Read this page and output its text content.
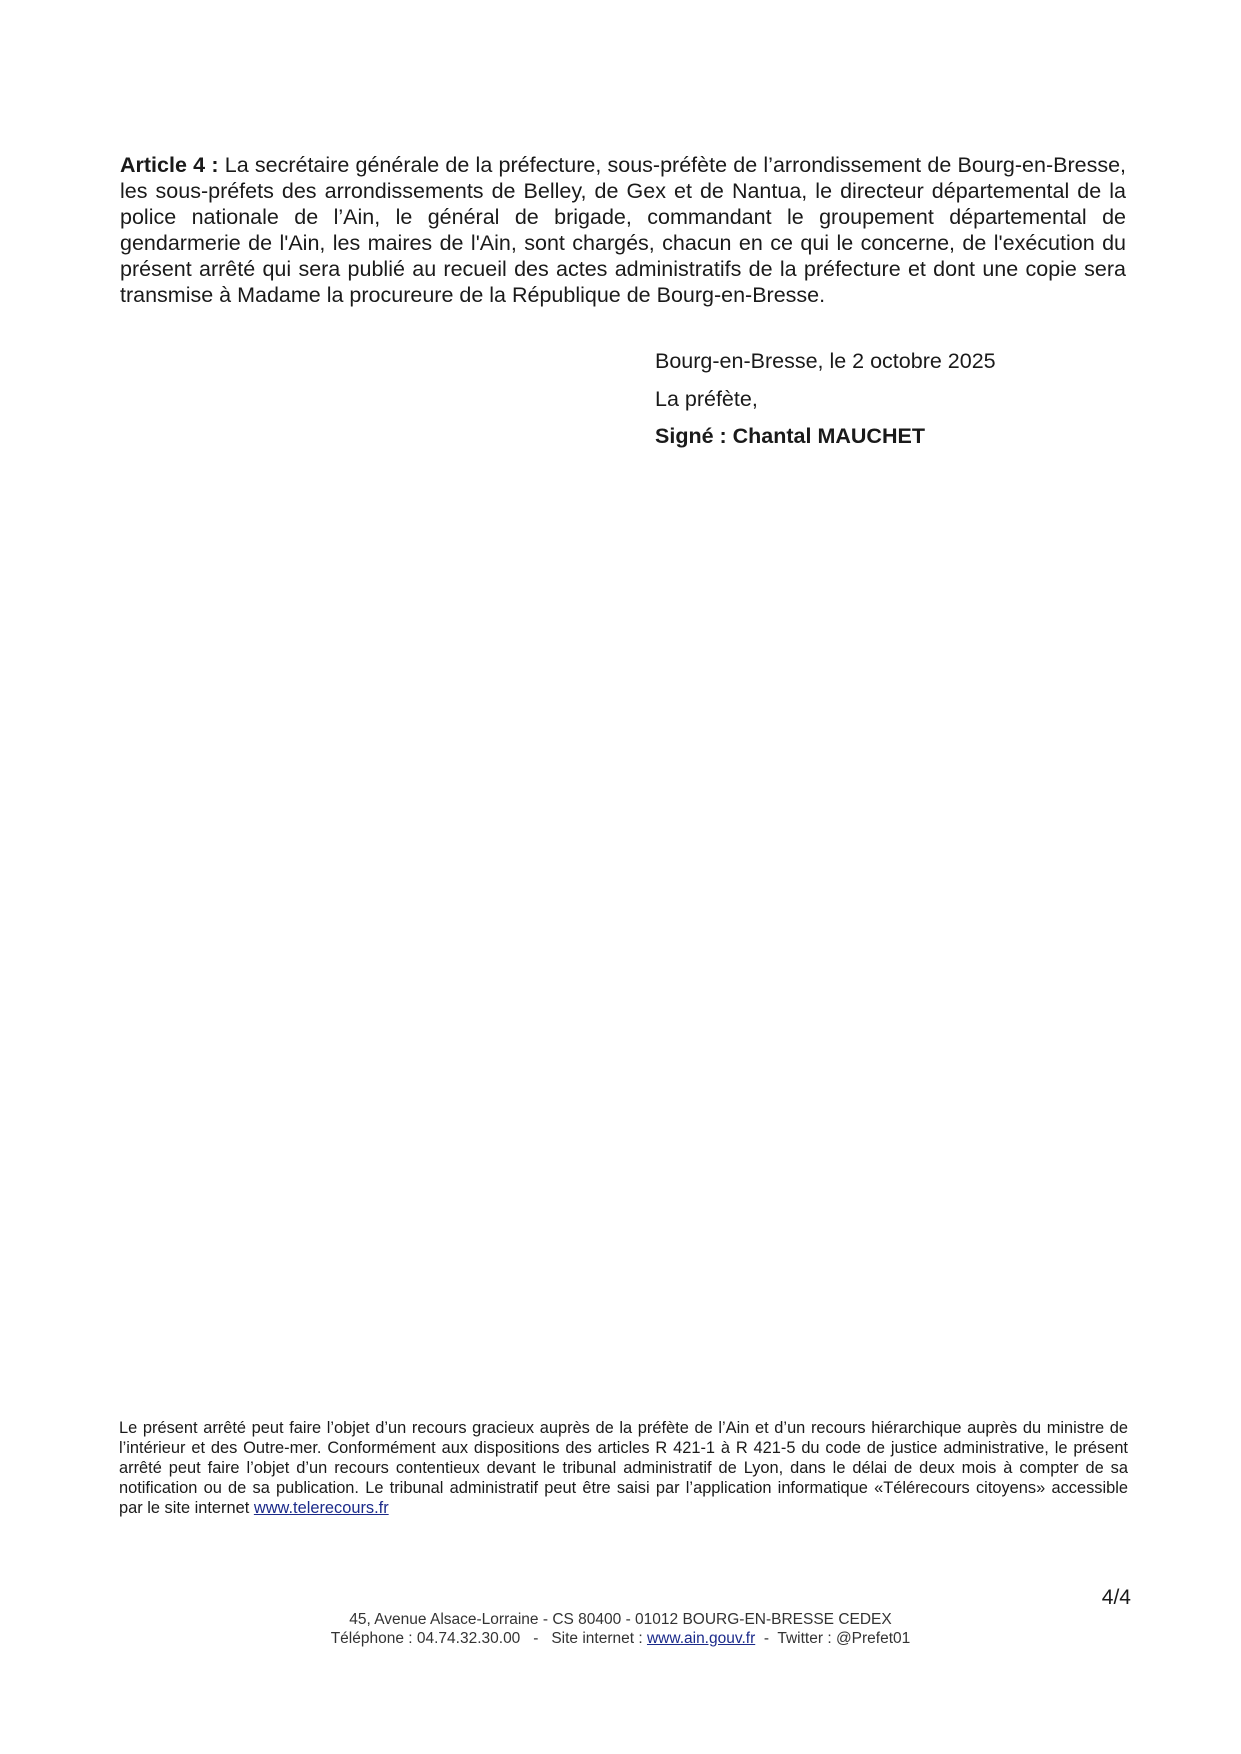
Article 4 : La secrétaire générale de la préfecture, sous-préfète de l’arrondissement de Bourg-en-Bresse, les sous-préfets des arrondissements de Belley, de Gex et de Nantua, le directeur départemental de la police nationale de l’Ain, le général de brigade, commandant le groupement départemental de gendarmerie de l'Ain, les maires de l'Ain, sont chargés, chacun en ce qui le concerne, de l'exécution du présent arrêté qui sera publié au recueil des actes administratifs de la préfecture et dont une copie sera transmise à Madame la procureure de la République de Bourg-en-Bresse.

Bourg-en-Bresse, le 2 octobre 2025

La préfète,

Signé : Chantal MAUCHET

Le présent arrêté peut faire l’objet d’un recours gracieux auprès de la préfète de l’Ain et d’un recours hiérarchique auprès du ministre de l’intérieur et des Outre-mer. Conformément aux dispositions des articles R 421-1 à R 421-5 du code de justice administrative, le présent arrêté peut faire l’objet d’un recours contentieux devant le tribunal administratif de Lyon, dans le délai de deux mois à compter de sa notification ou de sa publication. Le tribunal administratif peut être saisi par l’application informatique «Télérecours citoyens» accessible par le site internet www.telerecours.fr

4/4

45, Avenue Alsace-Lorraine - CS 80400 - 01012 BOURG-EN-BRESSE CEDEX

Téléphone : 04.74.32.30.00 - Site internet : www.ain.gouv.fr - Twitter : @Prefet01
